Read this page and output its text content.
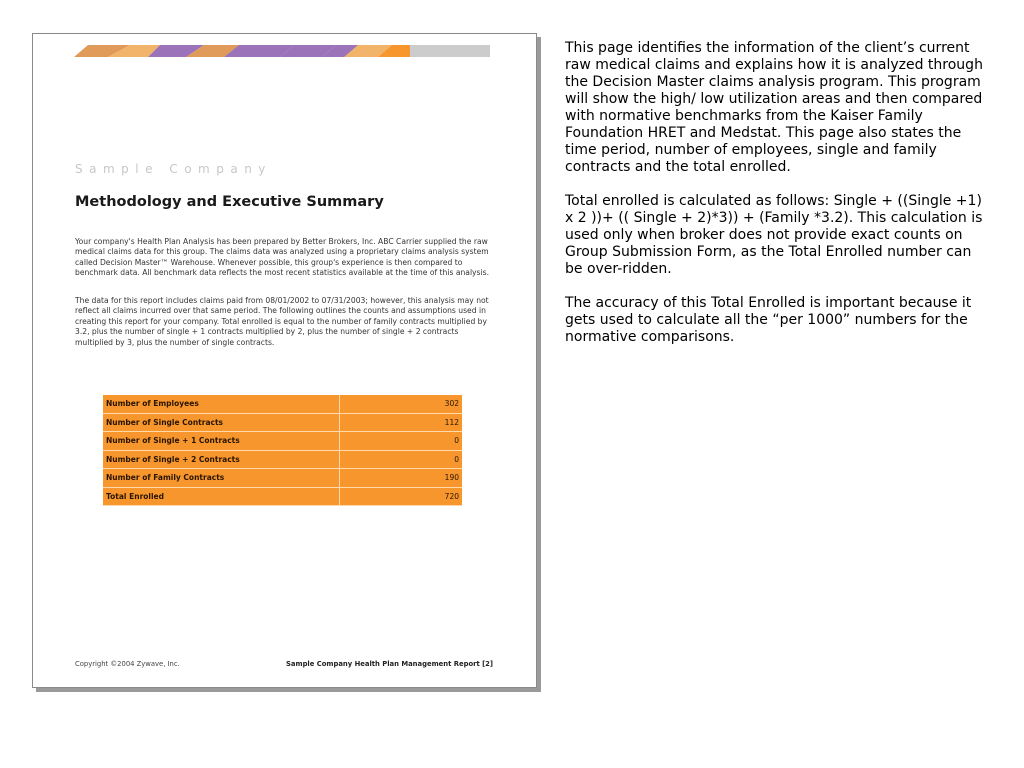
Sample Company
Methodology and Executive Summary

Your company's Health Plan Analysis has been prepared by Better Brokers, Inc. ABC Carrier supplied the raw medical claims data for this group. The claims data was analyzed using a proprietary claims analysis system called Decision Master™ Warehouse. Whenever possible, this group's experience is then compared to benchmark data. All benchmark data reflects the most recent statistics available at the time of this analysis.

The data for this report includes claims paid from 08/01/2002 to 07/31/2003; however, this analysis may not reflect all claims incurred over that same period. The following outlines the counts and assumptions used in creating this report for your company. Total enrolled is equal to the number of family contracts multiplied by 3.2, plus the number of single + 1 contracts multiplied by 2, plus the number of single + 2 contracts multiplied by 3, plus the number of single contracts.

Number of Employees	302
Number of Single Contracts	112
Number of Single + 1 Contracts	0
Number of Single + 2 Contracts	0
Number of Family Contracts	190
Total Enrolled	720
Copyright ©2004 Zywave, Inc.	Sample Company Health Plan Management Report [2]

This page identifies the information of the client’s current raw medical claims and explains how it is analyzed through the Decision Master claims analysis program. This program will show the high/ low utilization areas and then compared with normative benchmarks from the Kaiser Family Foundation HRET and Medstat. This page also states the time period, number of employees, single and family contracts and the total enrolled.

Total enrolled is calculated as follows: Single + ((Single +1) x 2 ))+ (( Single + 2)*3)) + (Family *3.2). This calculation is used only when broker does not provide exact counts on Group Submission Form, as the Total Enrolled number can be over-ridden.

The accuracy of this Total Enrolled is important because it gets used to calculate all the “per 1000” numbers for the normative comparisons.
